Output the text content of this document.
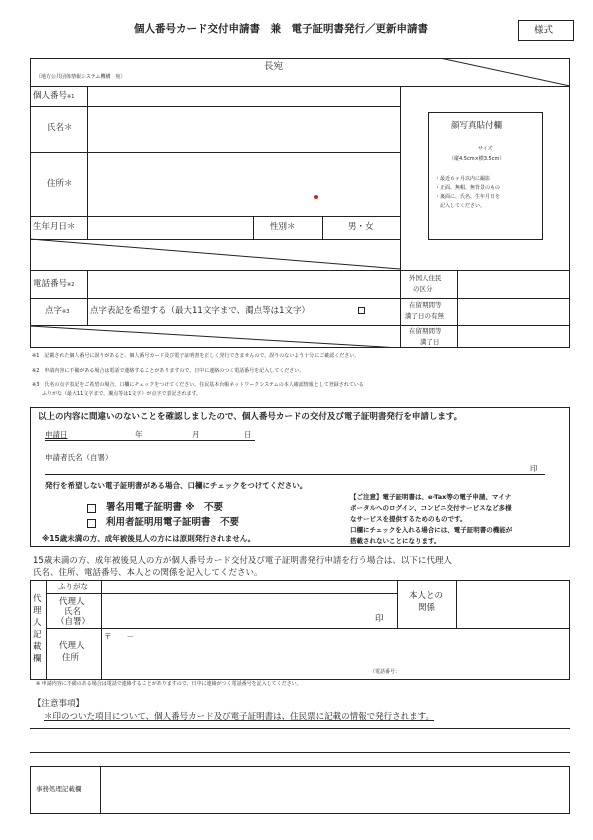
個人番号カード交付申請書　兼　電子証明書発行／更新申請書	様式
長宛
（地方公共団体情報システム機構　宛）
個人番号※1
氏名＊
住所＊
生年月日＊	性別＊	男・女
電話番号※2
点字※3 点字表記を希望する（最大11文字まで、濁点等は1文字）
顔写真貼付欄
サイズ
（縦4.5cm×横3.5cm）
・最近６ヶ月以内に撮影
・正面、無帽、無背景のもの
・裏面に、氏名、生年月日を
　記入してください。
外国人住民
の区分
在留期間等
満了日の有無
在留期間等
満了日
※1　記載された個人番号に誤りがあると、個人番号カード及び電子証明書を正しく発行できませんので、誤りのないよう十分にご確認ください。
※2　申請内容に不備がある場合は電話で連絡することがありますので、日中に連絡のつく電話番号を記入してください。
※3　氏名の点字表記をご希望の場合、口欄にチェックをつけてください。住民基本台帳ネットワークシステムの本人確認情報として登録されている
　　ふりがな（最大11文字まで、濁点等は1文字）が点字で表記されます。
以上の内容に間違いのないことを確認しましたので、個人番号カードの交付及び電子証明書発行を申請します。
申請日	年	月	日
申請者氏名（自署）
印
発行を希望しない電子証明書がある場合、口欄にチェックをつけてください。
署名用電子証明書 ※　不要
利用者証明用電子証明書　不要
※15歳未満の方、成年被後見人の方には原則発行されません。
【ご注意】電子証明書は、e-Tax等の電子申請、マイナ
ポータルへのログイン、コンビニ交付サービスなど多様
なサービスを提供するためのものです。
口欄にチェックを入れる場合には、電子証明書の機能が
搭載されないことになります。
15歳未満の方、成年被後見人の方が個人番号カード交付及び電子証明書発行申請を行う場合は、以下に代理人
氏名、住所、電話番号、本人との関係を記入してください。
代
理
人
記
載
欄
ふりがな
代理人
氏名
（自署）	印
本人との
関係
代理人
住所
〒　　－
（電話番号：
※ 申請内容に不備のある場合は電話で連絡することがありますので、日中に連絡がつく電話番号を記入してください。
【注意事項】
＊印のついた項目について、個人番号カード及び電子証明書は、住民票に記載の情報で発行されます。
事務処理記載欄
